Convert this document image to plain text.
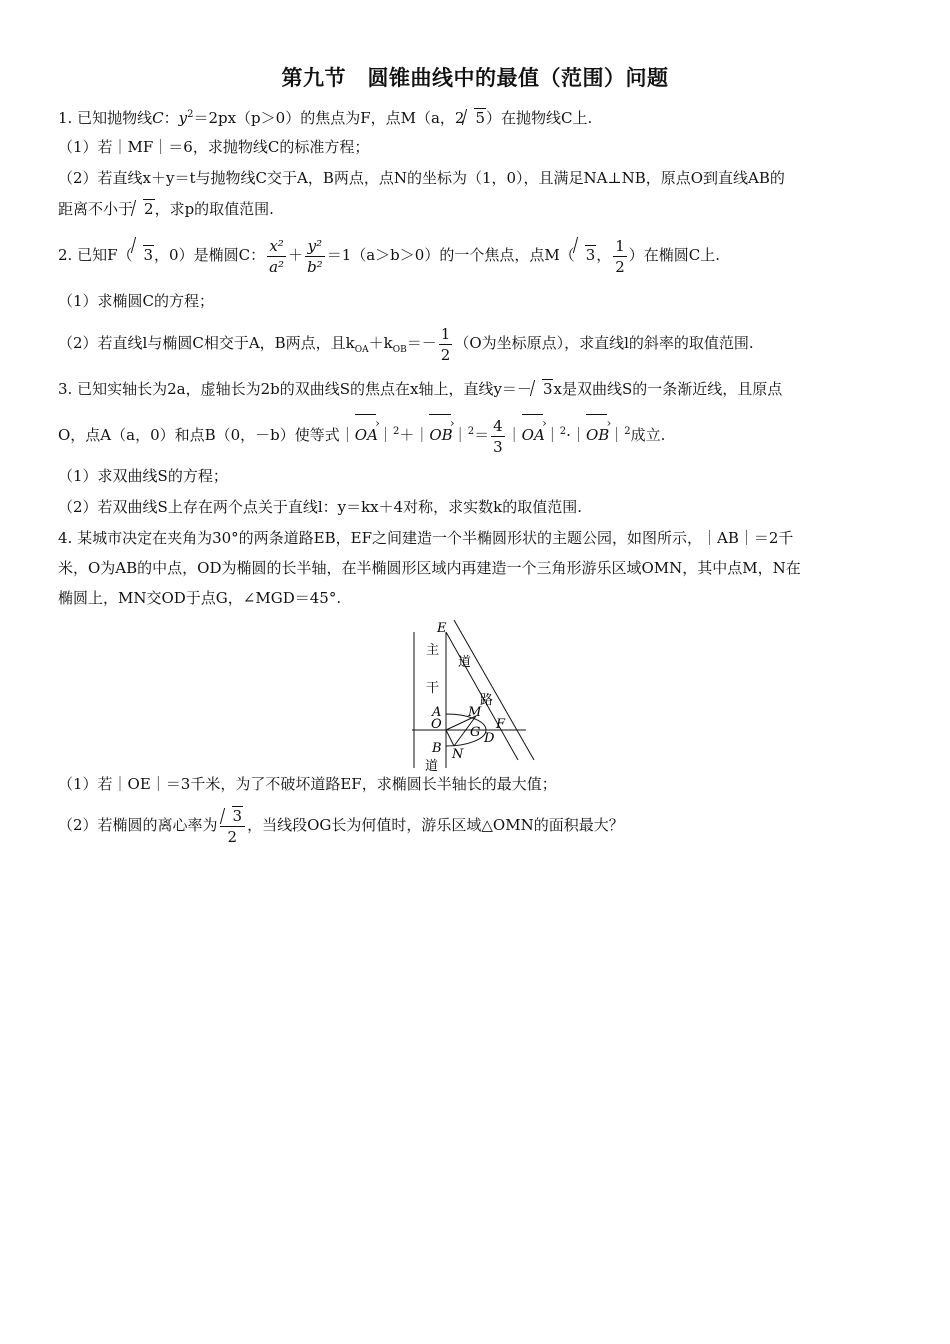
第九节　圆锥曲线中的最值（范围）问题
1. 已知抛物线C：$y^2=2px(p>0)$的焦点为F，点M（a，2 5）在抛物线C上.
（1）若｜MF｜＝6，求抛物线C的标准方程；
（2）若直线x＋y＝t与抛物线C交于A，B两点，点N的坐标为（1，0），且满足NA⊥NB，原点O到直线AB的
距离不小于 2，求p的取值范围.
2. 已知F（ 3，0）是椭圆C： $\frac{\text{x²}}{\text{a²}} + \frac{\text{y²}}{\text{b²}} =1(a>b>0)$的一个焦点，点M（ 3， $\frac{1}{2}$ ）在椭圆C上.
（1）求椭圆C的方程；
（2）若直线l与椭圆C相交于A，B两点，且$k_{OA}+k_{OB}=- \frac{1}{2} (O$为坐标原点），求直线l的斜率的取值范围.
3. 已知实轴长为2a，虚轴长为2b的双曲线S的焦点在x轴上，直线y＝－ 3x是双曲线S的一条渐近线，且原点
O，点A（a，0）和点B（0，－b）使等式｜› OA｜$^2$＋｜› OB｜$^2$＝ $\frac{4}{3}$ ｜› OA｜$^2$·｜› OB｜$^2$成立.
（1）求双曲线S的方程；
（2）若双曲线S上存在两个点关于直线l：y＝kx＋4对称，求实数k的取值范围.
4. 某城市决定在夹角为30°的两条道路EB，EF之间建造一个半椭圆形状的主题公园，如图所示，｜AB｜＝2千
米，O为AB的中点，OD为椭圆的长半轴，在半椭圆形区域内再建造一个三角形游乐区域OMN，其中点M，N在
椭圆上，MN交OD于点G，∠MGD＝45°.
E
主
道
干
路
A M
O
G
F
D
B N
道
（1）若｜OE｜＝3千米，为了不破坏道路EF，求椭圆长半轴长的最大值；
（2）若椭圆的离心率为 $\frac{3}{2}$ ，当线段OG长为何值时，游乐区域△OMN的面积最大？
